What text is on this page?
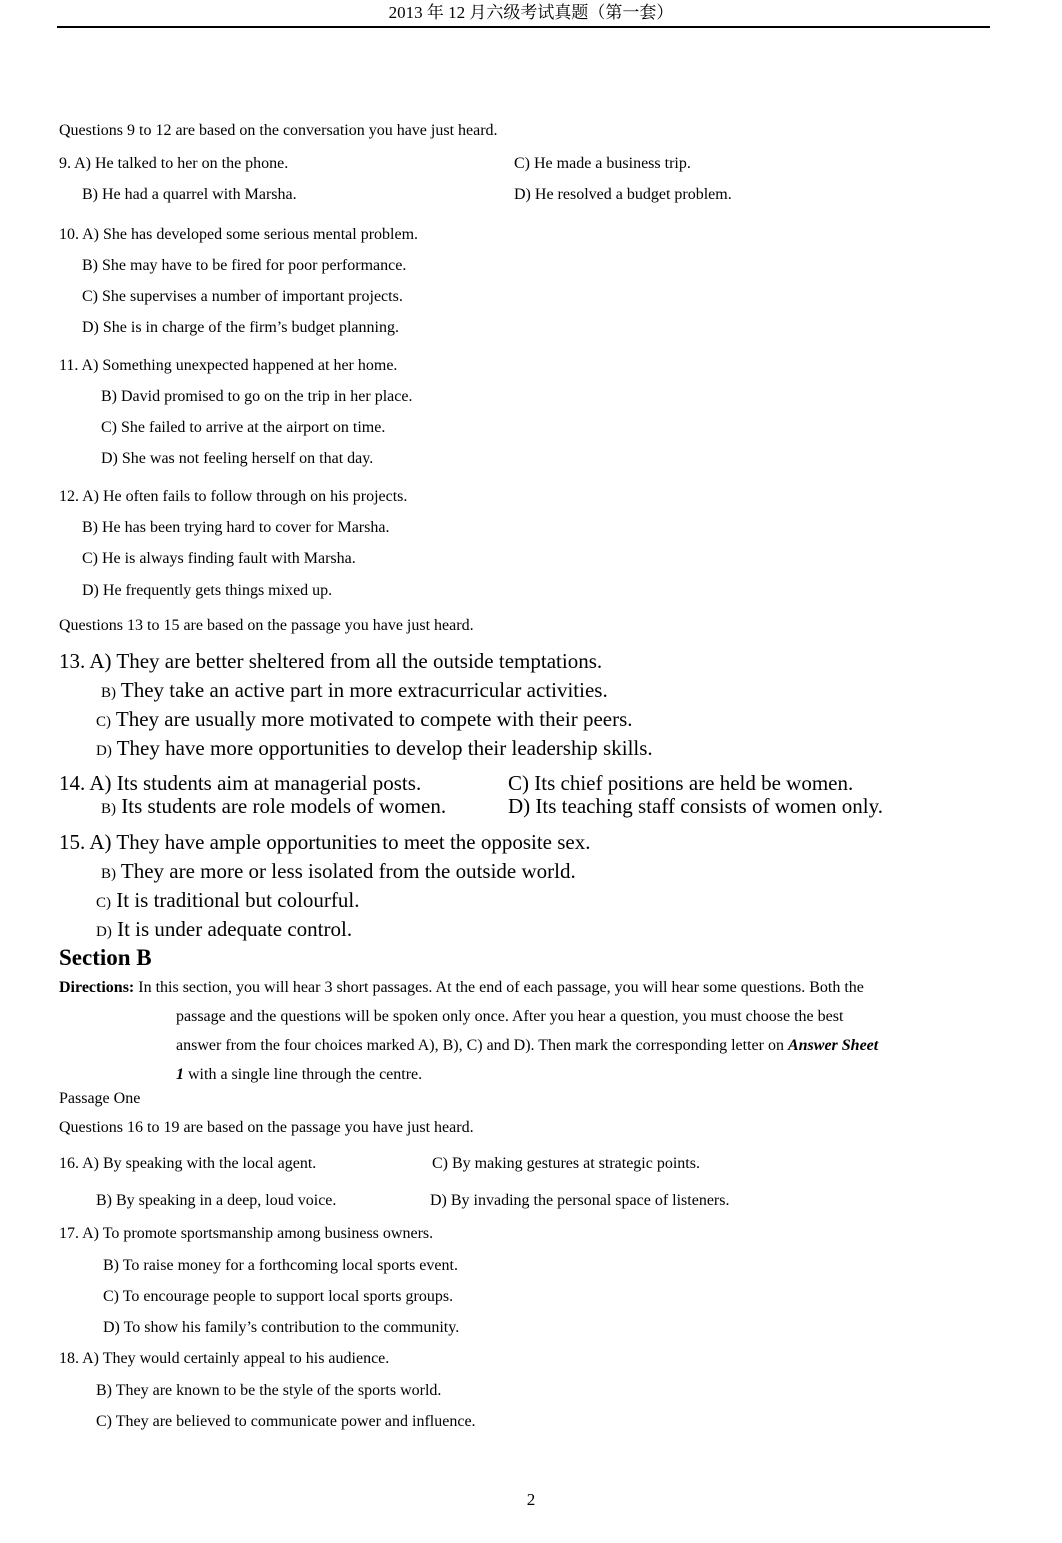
2013 年 12 月六级考试真题（第一套）
Questions 9 to 12 are based on the conversation you have just heard.
9. A) He talked to her on the phone.	C) He made a business trip.
B) He had a quarrel with Marsha.	D) He resolved a budget problem.
10. A) She has developed some serious mental problem.
B) She may have to be fired for poor performance.
C) She supervises a number of important projects.
D) She is in charge of the firm’s budget planning.
11. A) Something unexpected happened at her home.
B) David promised to go on the trip in her place.
C) She failed to arrive at the airport on time.
D) She was not feeling herself on that day.
12. A) He often fails to follow through on his projects.
B) He has been trying hard to cover for Marsha.
C) He is always finding fault with Marsha.
D) He frequently gets things mixed up.
Questions 13 to 15 are based on the passage you have just heard.
13. A) They are better sheltered from all the outside temptations.
B) They take an active part in more extracurricular activities.
C) They are usually more motivated to compete with their peers.
D) They have more opportunities to develop their leadership skills.
14. A) Its students aim at managerial posts.	C) Its chief positions are held be women.
B) Its students are role models of women.	D) Its teaching staff consists of women only.
15. A) They have ample opportunities to meet the opposite sex.
B) They are more or less isolated from the outside world.
C) It is traditional but colourful.
D) It is under adequate control.
Section B
Directions: In this section, you will hear 3 short passages. At the end of each passage, you will hear some questions. Both the
passage and the questions will be spoken only once. After you hear a question, you must choose the best
answer from the four choices marked A), B), C) and D). Then mark the corresponding letter on Answer Sheet
1 with a single line through the centre.
Passage One
Questions 16 to 19 are based on the passage you have just heard.
16. A) By speaking with the local agent.	C) By making gestures at strategic points.
B) By speaking in a deep, loud voice.	D) By invading the personal space of listeners.
17. A) To promote sportsmanship among business owners.
B) To raise money for a forthcoming local sports event.
C) To encourage people to support local sports groups.
D) To show his family’s contribution to the community.
18. A) They would certainly appeal to his audience.
B) They are known to be the style of the sports world.
C) They are believed to communicate power and influence.
2
